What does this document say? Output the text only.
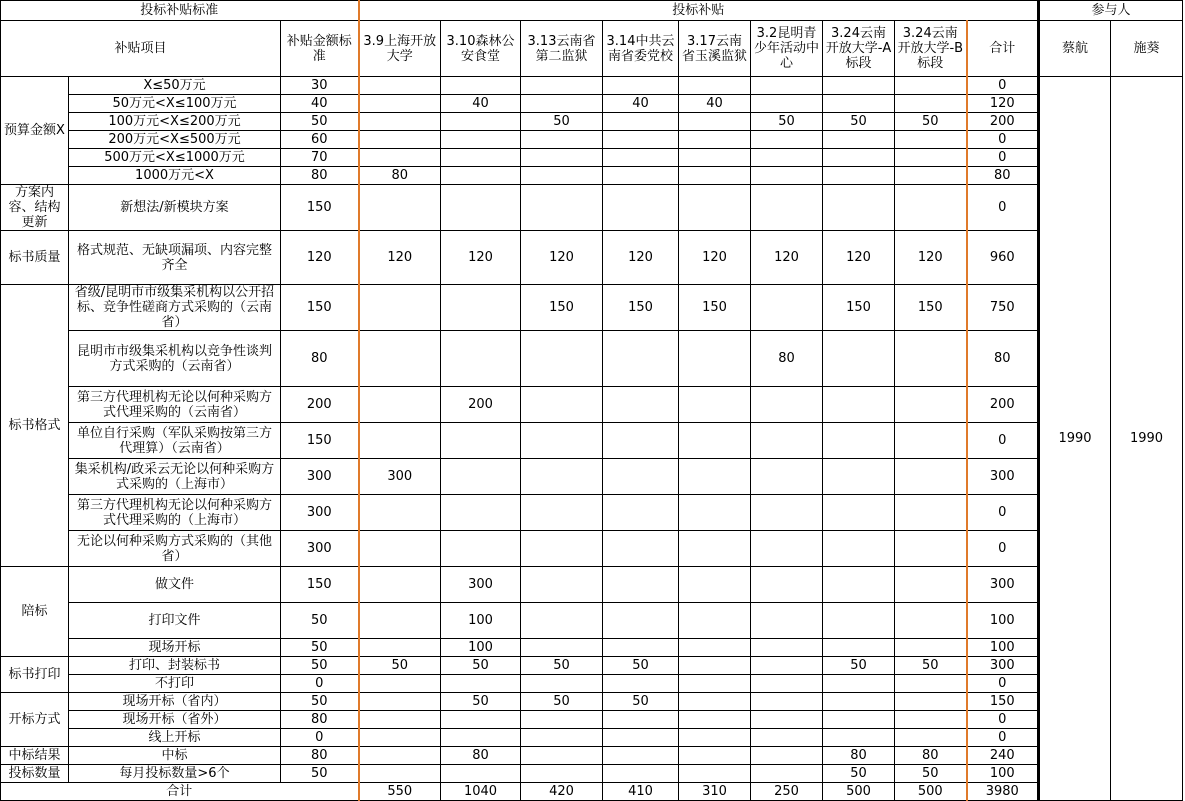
投标补贴标准			投标补贴									参与人	
补贴项目		补贴金额标准	3.9上海开放大学	3.10森林公安食堂	3.13云南省第二监狱	3.14中共云南省委党校	3.17云南省玉溪监狱	3.2昆明青少年活动中心	3.24云南开放大学-A标段	3.24云南开放大学-B标段	合计	蔡航	施葵
预算金额X	X≤50万元	30									0	1990	1990
	50万元<X≤100万元	40		40		40	40				120		
	100万元<X≤200万元	50			50			50	50	50	200		
	200万元<X≤500万元	60									0		
	500万元<X≤1000万元	70									0		
	1000万元<X	80	80								80		
方案内容、结构更新	新想法/新模块方案	150									0		
标书质量	格式规范、无缺项漏项、内容完整齐全	120	120	120	120	120	120	120	120	120	960		
标书格式	省级/昆明市市级集采机构以公开招标、竞争性磋商方式采购的（云南省）	150			150	150	150		150	150	750		
	昆明市市级集采机构以竞争性谈判方式采购的（云南省）	80						80			80		
	第三方代理机构无论以何种采购方式代理采购的（云南省）	200		200							200		
	单位自行采购（军队采购按第三方代理算）（云南省）	150									0		
	集采机构/政采云无论以何种采购方式采购的（上海市）	300	300								300		
	第三方代理机构无论以何种采购方式代理采购的（上海市）	300									0		
	无论以何种采购方式采购的（其他省）	300									0		
陪标	做文件	150		300							300		
	打印文件	50		100							100		
	现场开标	50		100							100		
标书打印	打印、封装标书	50	50	50	50	50			50	50	300		
	不打印	0									0		
开标方式	现场开标（省内）	50		50	50	50					150		
	现场开标（省外）	80									0		
	线上开标	0									0		
中标结果	中标	80		80					80	80	240		
投标数量	每月投标数量>6个	50							50	50	100		
合计			550	1040	420	410	310	250	500	500	3980		
